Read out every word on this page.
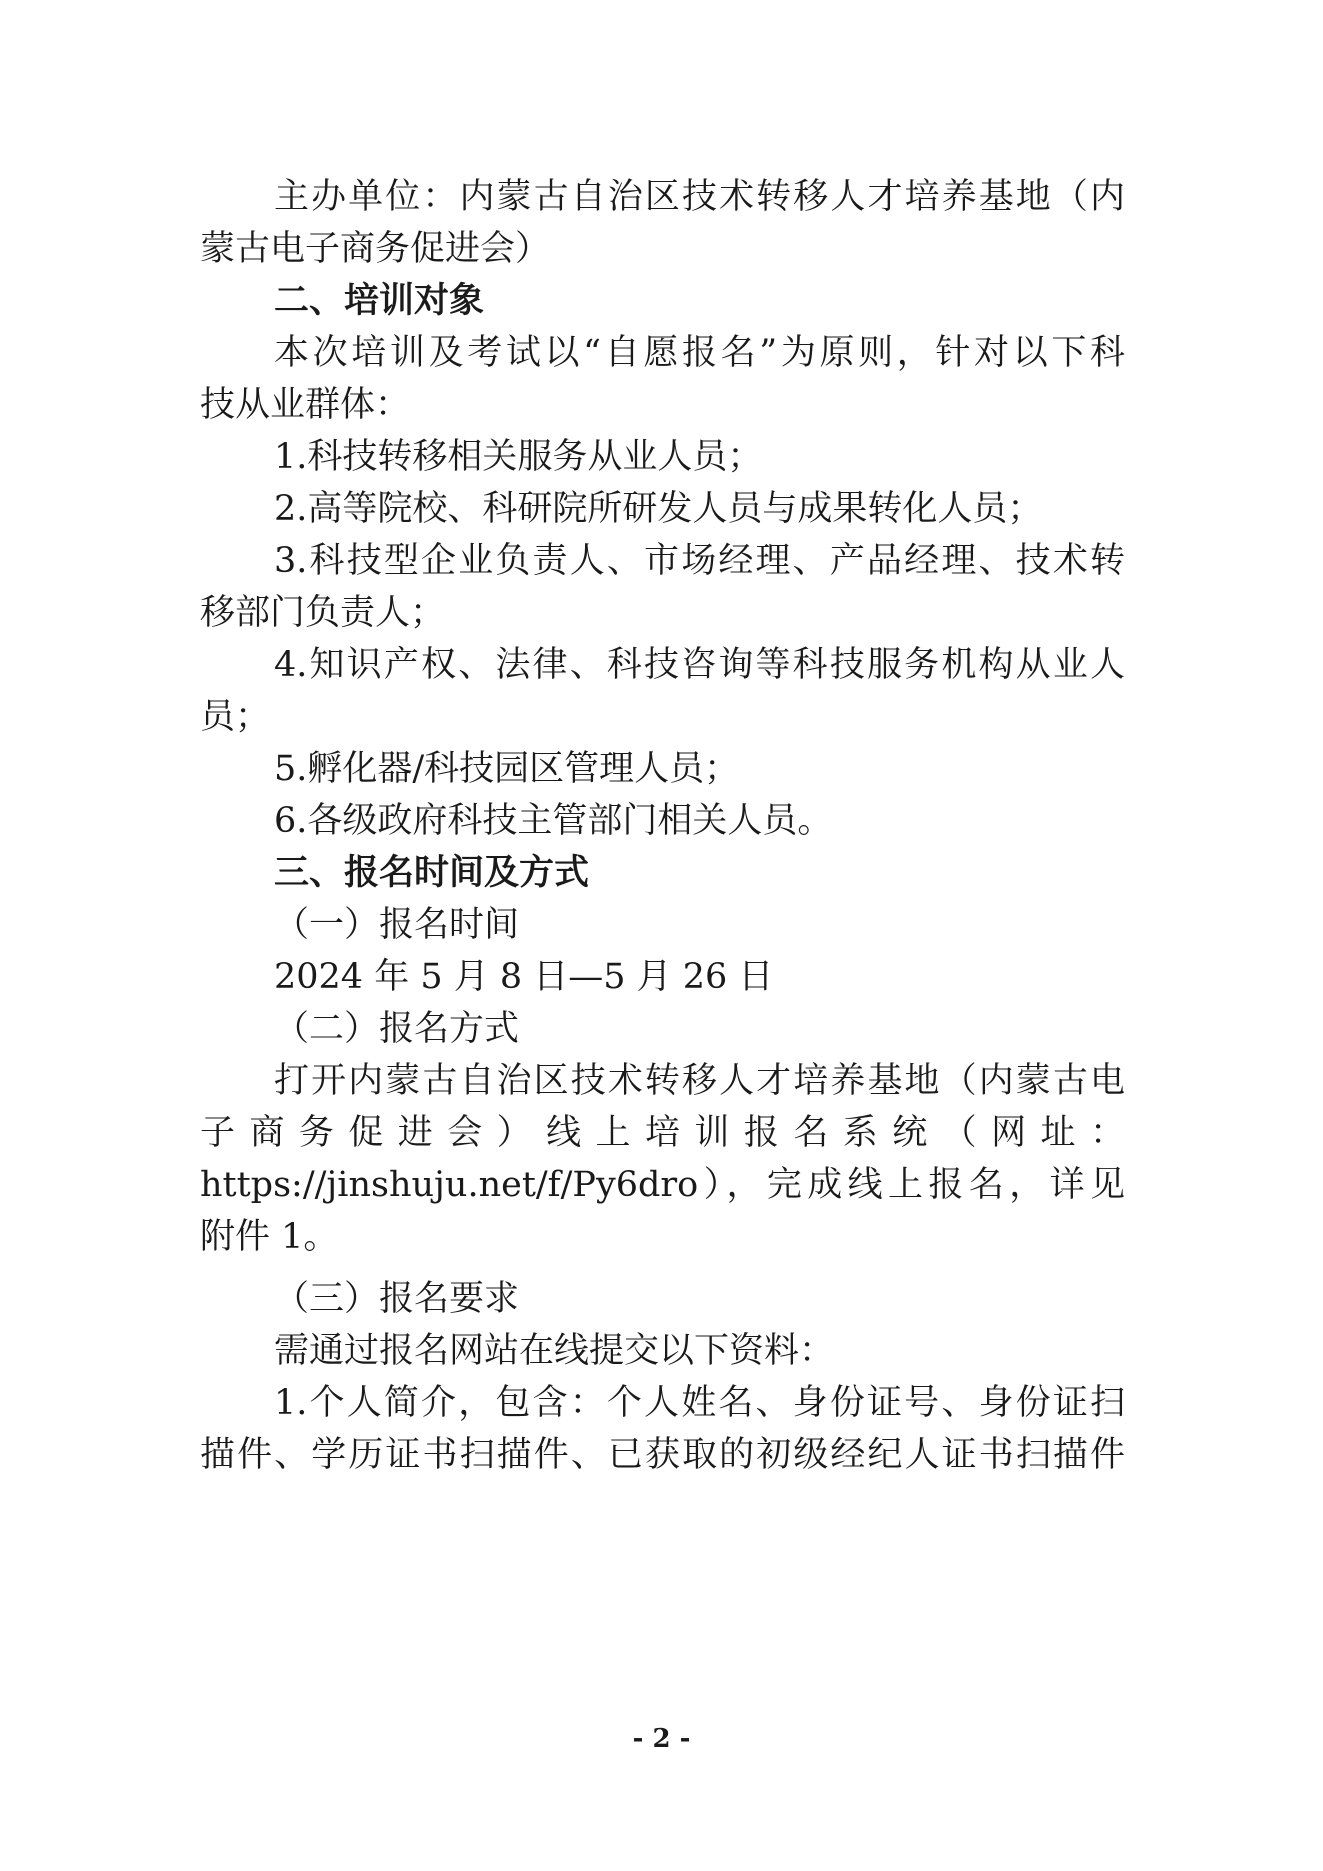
主办单位：内蒙古自治区技术转移人才培养基地（内
蒙古电子商务促进会）
二、培训对象
本次培训及考试以“自愿报名”为原则，针对以下科
技从业群体：
1.科技转移相关服务从业人员；
2.高等院校、科研院所研发人员与成果转化人员；
3.科技型企业负责人、市场经理、产品经理、技术转
移部门负责人；
4.知识产权、法律、科技咨询等科技服务机构从业人
员；
5.孵化器/科技园区管理人员；
6.各级政府科技主管部门相关人员。
三、报名时间及方式
（一）报名时间
2024 年 5 月 8 日—5 月 26 日
（二）报名方式
打开内蒙古自治区技术转移人才培养基地（内蒙古电
子商务促进会）线上培训报名系统（网址：
https://jinshuju.net/f/Py6dro），完成线上报名，详见
附件 1。
（三）报名要求
需通过报名网站在线提交以下资料：
1.个人简介，包含：个人姓名、身份证号、身份证扫
描件、学历证书扫描件、已获取的初级经纪人证书扫描件
- 2 -
